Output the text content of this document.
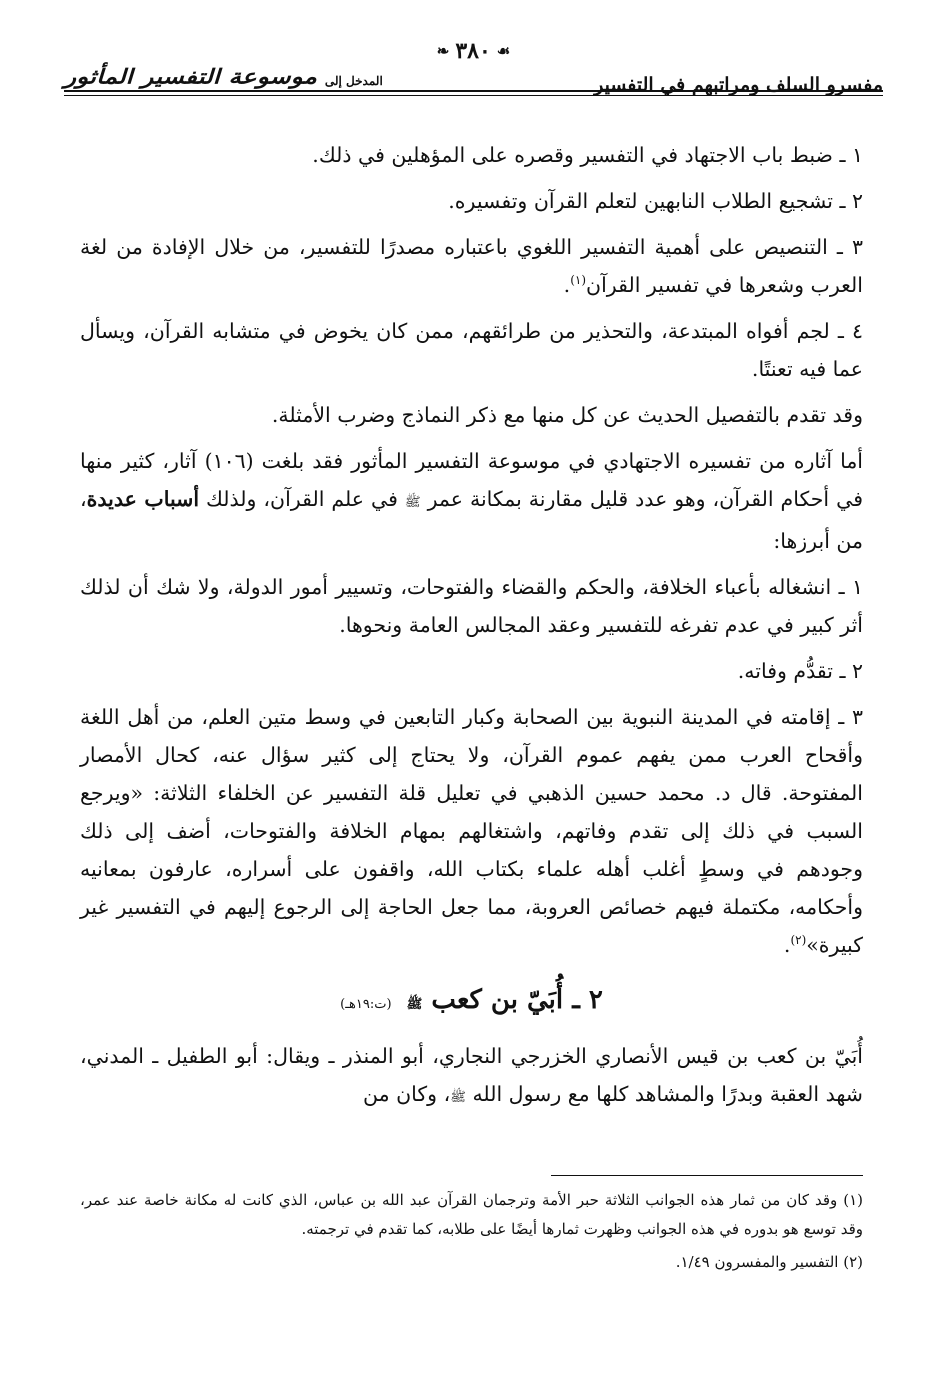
مفسرو السلف ومراتبهم في التفسير
المدخل إلى
موسوعة التفسير المأثور
❧ ٣٨٠ ☙

١ ـ ضبط باب الاجتهاد في التفسير وقصره على المؤهلين في ذلك.

٢ ـ تشجيع الطلاب النابهين لتعلم القرآن وتفسيره.

٣ ـ التنصيص على أهمية التفسير اللغوي باعتباره مصدرًا للتفسير، من خلال الإفادة من لغة العرب وشعرها في تفسير القرآن$^{(١)}$.

٤ ـ لجم أفواه المبتدعة، والتحذير من طرائقهم، ممن كان يخوض في متشابه القرآن، ويسأل عما فيه تعنتًا.

وقد تقدم بالتفصيل الحديث عن كل منها مع ذكر النماذج وضرب الأمثلة.

أما آثاره من تفسيره الاجتهادي في موسوعة التفسير المأثور فقد بلغت (١٠٦) آثار، كثير منها في أحكام القرآن، وهو عدد قليل مقارنة بمكانة عمر ﷺ في علم القرآن، ولذلك أسباب عديدة، من أبرزها:

١ ـ انشغاله بأعباء الخلافة، والحكم والقضاء والفتوحات، وتسيير أمور الدولة، ولا شك أن لذلك أثر كبير في عدم تفرغه للتفسير وعقد المجالس العامة ونحوها.

٢ ـ تقدُّم وفاته.

٣ ـ إقامته في المدينة النبوية بين الصحابة وكبار التابعين في وسط متين العلم، من أهل اللغة وأقحاح العرب ممن يفهم عموم القرآن، ولا يحتاج إلى كثير سؤال عنه، كحال الأمصار المفتوحة. قال د. محمد حسين الذهبي في تعليل قلة التفسير عن الخلفاء الثلاثة: «ويرجع السبب في ذلك إلى تقدم وفاتهم، واشتغالهم بمهام الخلافة والفتوحات، أضف إلى ذلك وجودهم في وسطٍ أغلب أهله علماء بكتاب الله، واقفون على أسراره، عارفون بمعانيه وأحكامه، مكتملة فيهم خصائص العروبة، مما جعل الحاجة إلى الرجوع إليهم في التفسير غير كبيرة»$^{(٢)}$.

٢ ـ أُبَيّ بن كعب ﷺ (ت:١٩هـ)

أُبَيّ بن كعب بن قيس الأنصاري الخزرجي النجاري، أبو المنذر ـ ويقال: أبو الطفيل ـ المدني، شهد العقبة وبدرًا والمشاهد كلها مع رسول الله ﷺ، وكان من

(١) وقد كان من ثمار هذه الجوانب الثلاثة حبر الأمة وترجمان القرآن عبد الله بن عباس، الذي كانت له مكانة خاصة عند عمر، وقد توسع هو بدوره في هذه الجوانب وظهرت ثمارها أيضًا على طلابه، كما تقدم في ترجمته.

(٢) التفسير والمفسرون ١/٤٩.
